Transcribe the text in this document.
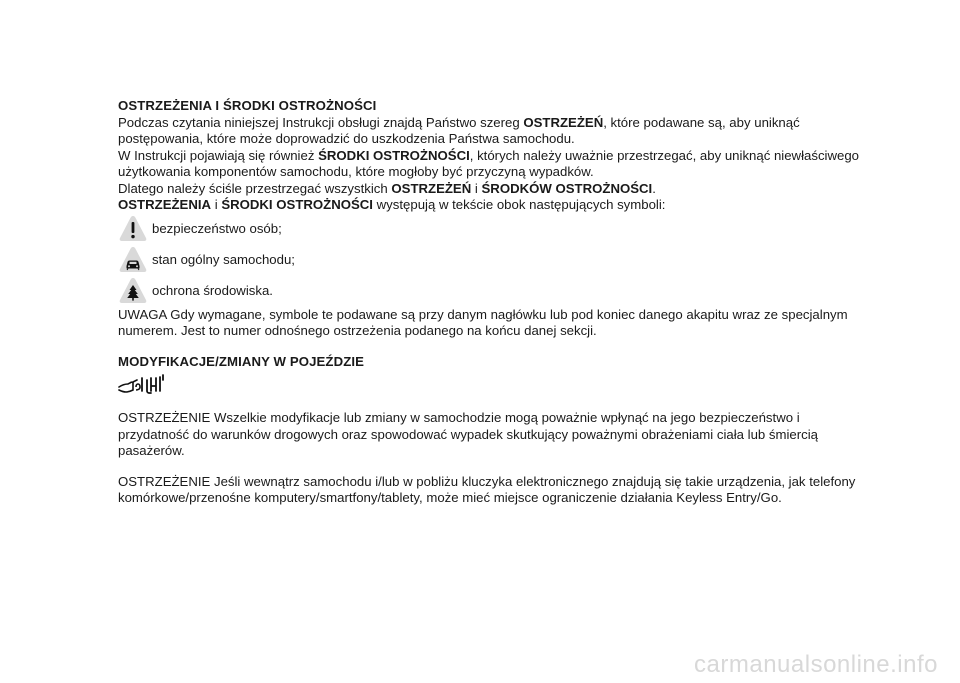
OSTRZEŻENIA I ŚRODKI OSTROŻNOŚCI

Podczas czytania niniejszej Instrukcji obsługi znajdą Państwo szereg OSTRZEŻEŃ, które podawane są, aby uniknąć
postępowania, które może doprowadzić do uszkodzenia Państwa samochodu.

W Instrukcji pojawiają się również ŚRODKI OSTROŻNOŚCI, których należy uważnie przestrzegać, aby uniknąć niewłaściwego
użytkowania komponentów samochodu, które mogłoby być przyczyną wypadków.

Dlatego należy ściśle przestrzegać wszystkich OSTRZEŻEŃ i ŚRODKÓW OSTROŻNOŚCI.

OSTRZEŻENIA i ŚRODKI OSTROŻNOŚCI występują w tekście obok następujących symboli:

bezpieczeństwo osób;
stan ogólny samochodu;
ochrona środowiska.

UWAGA Gdy wymagane, symbole te podawane są przy danym nagłówku lub pod koniec danego akapitu wraz ze specjalnym
numerem. Jest to numer odnośnego ostrzeżenia podanego na końcu danej sekcji.

MODYFIKACJE/ZMIANY W POJEŹDZIE

OSTRZEŻENIE Wszelkie modyfikacje lub zmiany w samochodzie mogą poważnie wpłynąć na jego bezpieczeństwo i
przydatność do warunków drogowych oraz spowodować wypadek skutkujący poważnymi obrażeniami ciała lub śmiercią
pasażerów.

OSTRZEŻENIE Jeśli wewnątrz samochodu i/lub w pobliżu kluczyka elektronicznego znajdują się takie urządzenia, jak telefony
komórkowe/przenośne komputery/smartfony/tablety, może mieć miejsce ograniczenie działania Keyless Entry/Go.

carmanualsonline.info
